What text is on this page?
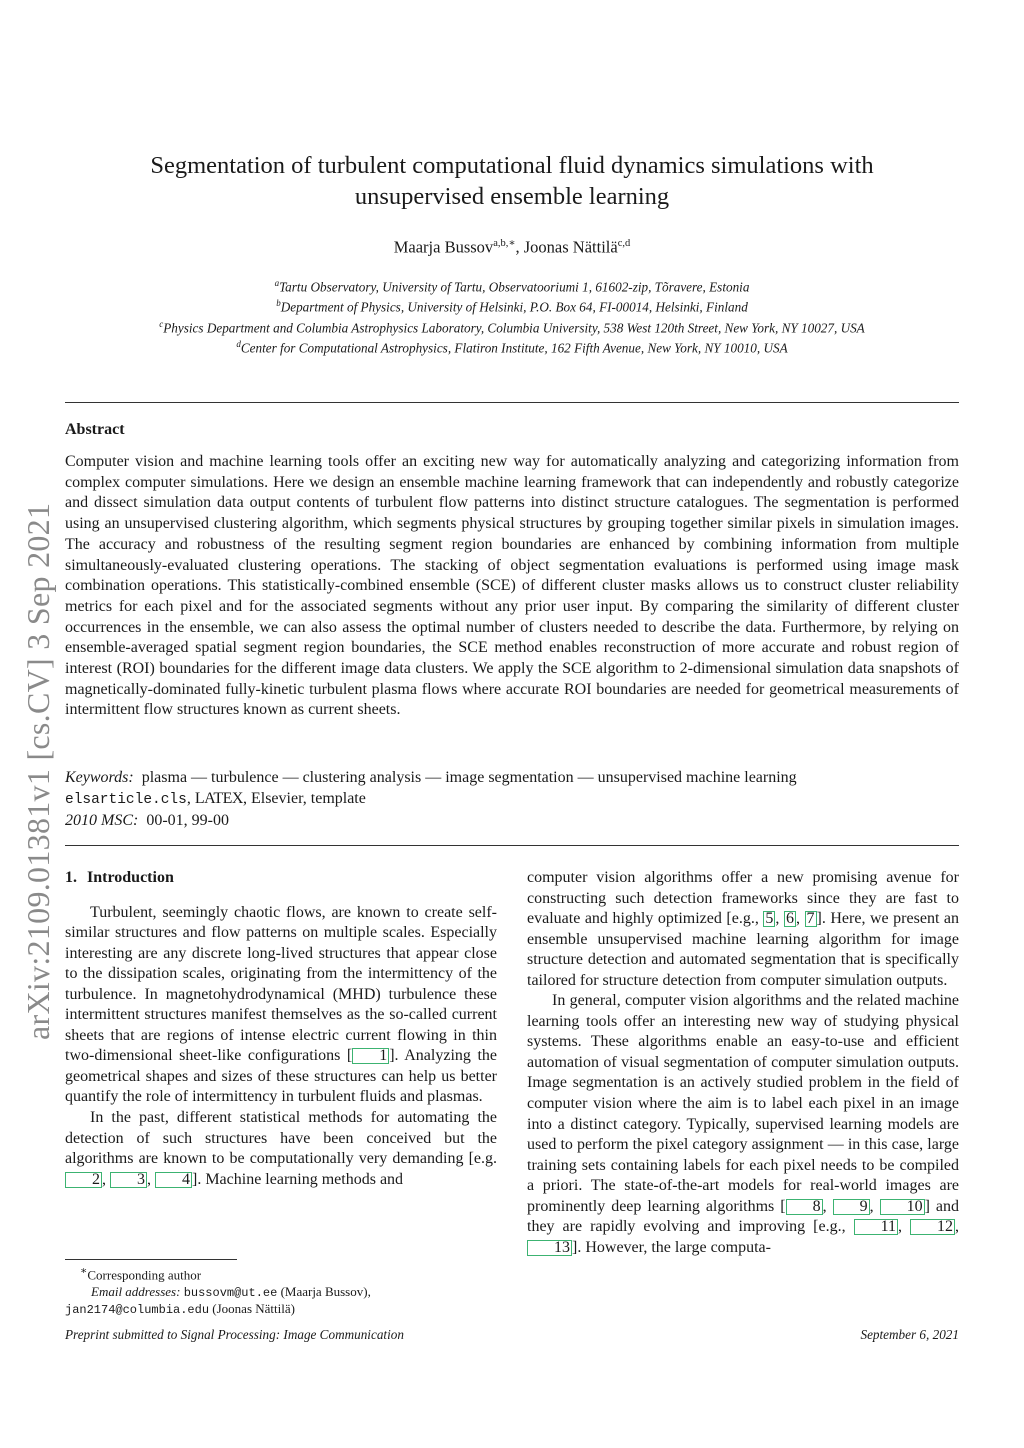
arXiv:2109.01381v1 [cs.CV] 3 Sep 2021
Segmentation of turbulent computational fluid dynamics simulations with
unsupervised ensemble learning
Maarja Bussov$^{a,b,∗}$, Joonas Nättilä$^{c,d}$
$^a$Tartu Observatory, University of Tartu, Observatooriumi 1, 61602-zip, Tõravere, Estonia
$^b$Department of Physics, University of Helsinki, P.O. Box 64, FI-00014, Helsinki, Finland
$^c$Physics Department and Columbia Astrophysics Laboratory, Columbia University, 538 West 120th Street, New York, NY 10027, USA
$^d$Center for Computational Astrophysics, Flatiron Institute, 162 Fifth Avenue, New York, NY 10010, USA
Abstract
Computer vision and machine learning tools offer an exciting new way for automatically analyzing and categorizing information from complex computer simulations. Here we design an ensemble machine learning framework that can independently and robustly categorize and dissect simulation data output contents of turbulent flow patterns into distinct structure catalogues. The segmentation is performed using an unsupervised clustering algorithm, which segments physical structures by grouping together similar pixels in simulation images. The accuracy and robustness of the resulting segment region boundaries are enhanced by combining information from multiple simultaneously-evaluated clustering operations. The stacking of object segmentation evaluations is performed using image mask combination operations. This statistically-combined ensemble (SCE) of different cluster masks allows us to construct cluster reliability metrics for each pixel and for the associated segments without any prior user input. By comparing the similarity of different cluster occurrences in the ensemble, we can also assess the optimal number of clusters needed to describe the data. Furthermore, by relying on ensemble-averaged spatial segment region boundaries, the SCE method enables reconstruction of more accurate and robust region of interest (ROI) boundaries for the different image data clusters. We apply the SCE algorithm to 2-dimensional simulation data snapshots of magnetically-dominated fully-kinetic turbulent plasma flows where accurate ROI boundaries are needed for geometrical measurements of intermittent flow structures known as current sheets.
Keywords: plasma — turbulence — clustering analysis — image segmentation — unsupervised machine learning
elsarticle.cls, LATEX, Elsevier, template
2010 MSC: 00-01, 99-00
1. Introduction

Turbulent, seemingly chaotic flows, are known to create self-similar structures and flow patterns on multiple scales. Especially interesting are any discrete long-lived structures that appear close to the dissipation scales, originating from the intermittency of the turbulence. In magnetohydrodynamical (MHD) turbulence these intermittent structures manifest themselves as the so-called current sheets that are regions of intense electric current flowing in thin two-dimensional sheet-like configurations [ 1 ]. Analyzing the geometrical shapes and sizes of these structures can help us better quantify the role of intermittency in turbulent fluids and plasmas.

In the past, different statistical methods for automating the detection of such structures have been conceived but the algorithms are known to be computationally very demanding [e.g. 2 , 3 , 4 ]. Machine learning methods and

computer vision algorithms offer a new promising avenue for constructing such detection frameworks since they are fast to evaluate and highly optimized [e.g., 5 , 6 , 7 ]. Here, we present an ensemble unsupervised machine learning algorithm for image structure detection and automated segmentation that is specifically tailored for structure detection from computer simulation outputs.

In general, computer vision algorithms and the related machine learning tools offer an interesting new way of studying physical systems. These algorithms enable an easy-to-use and efficient automation of visual segmentation of computer simulation outputs. Image segmentation is an actively studied problem in the field of computer vision where the aim is to label each pixel in an image into a distinct category. Typically, supervised learning models are used to perform the pixel category assignment — in this case, large training sets containing labels for each pixel needs to be compiled a priori. The state-of-the-art models for real-world images are prominently deep learning algorithms [ 8 , 9 , 10 ] and they are rapidly evolving and improving [e.g., 11 , 12 , 13 ]. However, the large computa-

∗Corresponding author
Email addresses: bussovm@ut.ee (Maarja Bussov),
jan2174@columbia.edu (Joonas Nättilä)
Preprint submitted to Signal Processing: Image Communication	September 6, 2021
